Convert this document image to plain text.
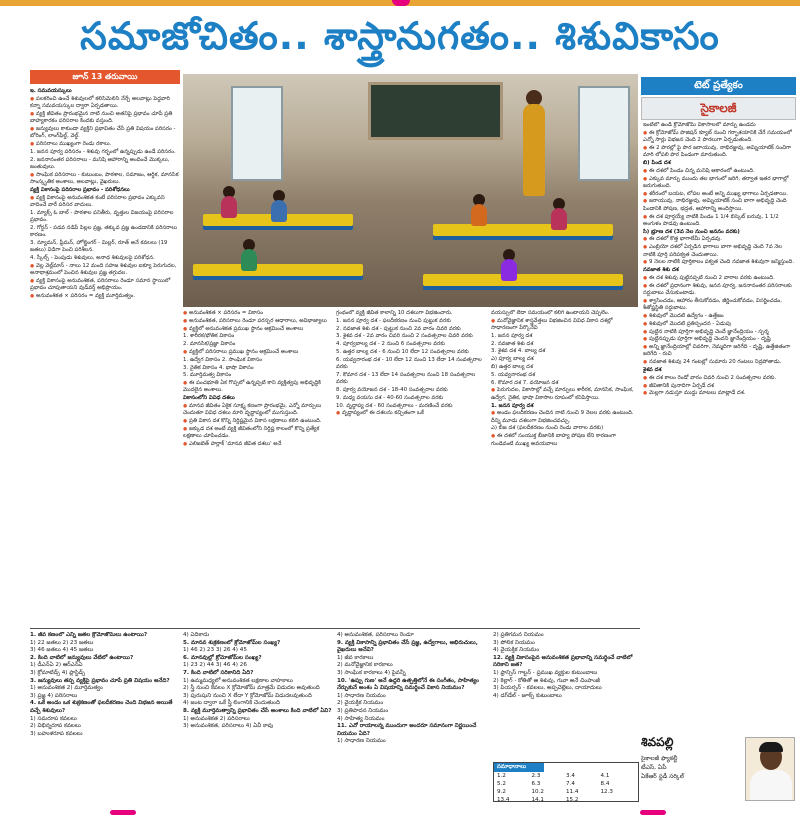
సమాజోచితం.. శాస్త్రానుగతం.. శిశువికాసం
జూన్ 13 తరువాయి

ఇ. సమవయస్కులు

● పలకరించి ఉంచే శిశువులలో కలిసిమెలిసి నేర్చే అలవాట్లు పెద్దవారి కన్నా సమవయస్కుల ద్వారా ఏర్పడతాయి.

● వ్యక్తి జీవితం ప్రారంభమైన నాటి నుంచి అతనిపై ప్రభావం చూపే ప్రతి బాహ్యకారకం పరిసరాల కిందకు వస్తుంది.

● జన్యువులు కాకుండా వ్యక్తిని ప్రభావితం చేసే ప్రతి విషయం పరిసరం - బోరింగ్, లాంగ్‌ఫీల్డ్, వెల్డ్.

● పరిసరాలు ముఖ్యంగా రెండు రకాలు.

1. జనన పూర్వ పరిసరం - శిశువు గర్భంలో ఉన్నప్పుడు ఉండే పరిసరం.

2. జననానంతర పరిసరాలు - మనిషి ఆహారాన్ని అందించే మొక్కలు, జంతువులు.

● సాంఘిక పరిసరాలు - కుటుంబం, పాఠశాల, సమాజం, ఆర్థిక, మానసిక సాంస్కృతిక అంశాలు, అలవాట్లు, వైఖరులు.

వ్యక్తి వికాసంపై పరిసరాల ప్రభావం - పరిశోధనలు

● వ్యక్తి వికాసంపై అనువంశికత కంటే పరిసరాల ప్రభావం ఎక్కువని వాదించే వారే పరిసర వాదులు.

1. మ్యాక్స్ ఓ బాల్ - పాఠశాల పనితీరు, వృత్తుల విజయంపై పరిసరాల ప్రభావం.

2. గోర్డన్ - పడవ నడిపే పిల్లల ప్రజ్ఞ, తక్కువ ప్రజ్ఞ ఉండడానికి పరిసరాలు కారణం.

3. న్యూమన్, ఫ్రీమన్, హోల్జింగర్ - మిల్లర్, రూత్ అనే కవలలు (19 జతలు) విడిగా పెంచి పరిశీలన.

4. స్కీల్స్ - పెంపుడు శిశువులు, అనాథ శిశువులపై పరిశోధన.

● వెల్ల వెల్ల్‌మాన్ - నాలు 12 మంది సహజ శిశువుల ఐక్యూ పెరుగుదల, అనాథాశ్రమంలో పెంచిన శిశువుల ప్రజ్ఞ తగ్గుదల.

● వ్యక్తి వికాసంపై అనువంశికత, పరిసరాలు రెండూ సమాన స్థాయిలో ప్రభావం చూపుతాయని వుడ్‌వర్త్ అభిప్రాయం.

● అనువంశికత × పరిసరం = వ్యక్తి మూర్తిమత్వం.

టెట్ ప్రత్యేకం
సైకాలజీ

ఇంటిలో ఉండి క్రోమోజోమ్ వికాసాలలో మార్పు ఉండదు

● ఈ క్రోమోజోమ్ పొజిషన్ క్యూబ్ నుంచి గర్భాశయానికి చేరే సమయంలో ఎన్నో సార్లు విభజన చెంది 2 పొరలుగా ఏర్పడుతుంది.

● ఈ 2 పొరల్లో పై పొర జరాయువు, నాభిరజ్జువు, అమ్నియాటిక్ సంచిగా మారి లోపలి పొర పిండంగా మారుతుంది.

బి) పిండ దశ

● ఈ దశలో పిండం చిన్న మనిషి ఆకారంలో ఉంటుంది.

● ఎక్కువ మార్పు ముందు తల భాగంలో జరిగి, తర్వాత ఇతర భాగాల్లో జరుగుతుంది.

● శరీరంలో బయట, లోపల అంటే అన్ని ముఖ్య భాగాలు ఏర్పడతాయి.

● జరాయువు, నాభిరజ్జువు, అమ్నియాటిక్ సంచి బాగా అభివృద్ధి చెంది పిండానికి పోషణ, భద్రత, ఆహారాన్ని అందిస్తాయి.

● ఈ దశ పూర్తయ్యే నాటికి పిండం 1 1/4 బిస్కెట్ బరువు, 1 1/2 అంగుళం పొడవు ఉంటుంది.

సి) భ్రూణ దశ (3వ నెల నుంచి జననం వరకు)

● ఈ దశలో కొత్త భాగాలేమీ ఏర్పడవు.

● ఎంబ్రియో దశలో ఏర్పడిన భాగాలు బాగా అభివృద్ధి చెంది 7వ నెల నాటికి పూర్తి పరిపక్వత చెందుతాయి.

● 9 నెలల నాటికి పూర్తికాలం పక్వత చెంది నవజాత శిశువుగా జన్మిస్తుంది.

నవజాత శిశు దశ

● ఈ దశ శిశువు పుట్టినప్పటి నుంచి 2 వారాల వరకు ఉంటుంది.

● ఈ దశలో ప్రధానంగా శిశువు, జనన పూర్వ, జననానంతర పరిసరాలకు సర్దుబాటు చేసుకుంటాడు.

● శ్వాసించడం, ఆహారం తీసుకోవడం, జీర్ణించుకోవడం, విసర్జించడం, శీతోష్ణస్థితి సర్దుబాటు.

● శిశువులో మొదటి ఉద్వేగం - ఉత్తేజం

● శిశువులో మొదటి ప్రతిస్పందన - ఏడుపు

● పుట్టిన నాటికి పూర్తిగా అభివృద్ధి చెందే జ్ఞానేంద్రియం - స్పర్శ

● పుట్టినప్పుడు పూర్తిగా అభివృద్ధి చెందని జ్ఞానేంద్రియం - దృష్టి

● అన్ని జ్ఞానేంద్రియాల్లో చివరిగా, నెమ్మదిగా జరిగేది - దృష్టి, ఉత్తేజితంగా జరిగేది - రుచి

● నవజాత శిశువు 24 గంటల్లో సుమారు 20 గంటలు నిద్రపోతాడు.

శైశవ దశ

● ఈ దశ కాలం రెండో వారం చివరి నుంచి 2 సంవత్సరాల వరకు.

● జీవితానికి పునాదిగా ఏర్పడే దశ

● మెల్లగా నడుస్తూ ముద్దు మాటలు మాట్లాడే దశ.

● అనువంశికత × పరిసరం = వికాసం

● అనువంశికత, పరిసరాలు రెండూ పరస్పర ఆధారాలు, అవిభాజ్యాలు

● వ్యక్తిలో అనువంశికత ప్రముఖ స్థానం ఆక్రమించే అంశాలు

1. శారీరక/భౌతిక వికాసం

2. మానసిక/ప్రజ్ఞా వికాసం

● వ్యక్తిలో పరిసరాలు ప్రముఖ స్థానం ఆక్రమించే అంశాలు

1. ఉద్వేగ వికాసం 2. సాంఘిక వికాసం

3. నైతిక వికాసం 4. భాషా వికాసం

5. మూర్తిమత్వ వికాసం

● ఈ పంచభూతి ఏక గొప్పలో ఉన్నప్పటి కాని వ్యక్తిత్వపు అభివృద్ధికి మొదలైన అంశాలు.

వికాసంలోని వివిధ దశలు

● మానవ జీవితం ఏకైక సూక్ష్మ కణంగా ప్రారంభమై, ఎన్నో మార్పులు చెందుతూ వివిధ దశలు మారి వృద్ధాప్యంలో ముగుస్తుంది.

● ప్రతి వికాస దశ కొన్ని నిర్దిష్టమైన వికాస లక్షణాలు కలిగి ఉంటుంది.

● జక్కుడ దశ అంటే వ్యక్తి జీవితంలోని నిర్దిష్ట కాలంలో కొన్ని ప్రత్యేక లక్షణాలు చూపించడం.

● ఎలిజబెత్ హర్లాక్ 'మానవ జీవిత దశలు' అనే

గ్రంథంలో వ్యక్తి జీవిత కాలాన్ని 10 దశలుగా విభజించారు.

1. జనన పూర్వ దశ - ఫలదీకరణం నుంచి పుట్టుక వరకు

2. నవజాత శిశు దశ - పుట్టుక నుంచి 2వ వారం చివరి వరకు

3. శైశవ దశ - 2వ వారం చివరి నుంచి 2 సంవత్సరాల చివరి వరకు

4. పూర్వబాల్య దశ - 2 నుంచి 6 సంవత్సరాల వరకు

5. ఉత్తర బాల్య దశ - 6 నుంచి 10 లేదా 12 సంవత్సరాల వరకు

6. యవ్వనారంభ దశ - 10 లేదా 12 నుంచి 13 లేదా 14 సంవత్సరాల వరకు

7. కౌమార దశ - 13 లేదా 14 సంవత్సరాల నుంచి 18 సంవత్సరాల వరకు

8. పూర్వ వయోజన దశ - 18-40 సంవత్సరాల వరకు

9. మధ్య వయసు దశ - 40-60 సంవత్సరాల వరకు

10. వృద్ధాప్య దశ - 60 సంవత్సరాలు - మరణించే వరకు

● వృద్ధాప్యంలో ఈ దశలను కచ్చితంగా ఒకే

వయస్సులో లేదా సమయంలో కలిగి ఉంటాయని చెప్పలేం.

● మనోవైజ్ఞానిక శాస్త్రవేత్తలు విభజించిన వివిధ వికాస దశల్లో సాధారణంగా పేర్కొనేవి

1. జనన పూర్వ దశ

2. నవజాత శిశు దశ

3. శైశవ దశ 4. బాల్య దశ

ఎ) పూర్వ బాల్య దశ

బి) ఉత్తర బాల్య దశ

5. యవ్వనారంభ దశ

6. కౌమార దశ 7. వయోజన దశ

● పెరుగుదల, వికాసాల్లో వచ్చే మార్పులు శారీరక, మానసిక, సాంఘిక, ఉద్వేగ, నైతిక, భాషా వికాసాల రూపంలో కనిపిస్తాయి.

1. జనన పూర్వ దశ

● అండం ఫలదీకరణం చెందిన నాటి నుంచి 9 నెలల వరకు ఉంటుంది. దీన్ని మూడు దశలుగా విభజించవచ్చు.

ఎ) బీజ దశ (ఫలదీకరణం నుంచి రెండు వారాల వరకు)

● ఈ దశలో సంయుక్త బీజానికి బాహ్య పోషణ లేని కారణంగా గుండెవంటి ముఖ్య అవయవాలు

1. జీవ కణంలో ఎన్ని జతల క్రోమోజోమ్‌లు ఉంటాయి?

1) 22 జతలు 2) 23 జతలు

3) 46 జతలు 4) 45 జతలు

2. కింది వాటిలో జన్యువులు వేటిలో ఉంటాయి?

1) డీఎన్ఏ 2) ఆర్ఎన్ఏ

3) క్రోమాటిడ్స్ 4) ప్లాస్టిడ్స్

3. జన్యువులు తప్ప వ్యక్తిపై ప్రభావం చూపే ప్రతి విషయం అనేది?

1) అనువంశికత 2) మూర్తిమత్వం

3) ప్రజ్ఞ 4) పరిసరాలు

4. ఒకే అండం ఒక శుక్రకణంతో ఫలదీకరణం చెంది విభజన అయితే వచ్చే శిశువులు?

1) సమరూప కవలలు

2) విభిన్నరూప కవలలు

3) బహుళరూప కవలలు

4) ఏదీకాదు

5. మానవ శుక్రకణంలో క్రోమోజోమ్‌ల సంఖ్య?

1) 46 2) 23 3) 26 4) 45

6. మానవుల్లో క్రోమోజోమ్‌ల సంఖ్య?

1) 23 2) 44 3) 46 4) 26

7. కింది వాటిలో సరికానిది ఏది?

1) ఉమ్మమధ్యలో అనువంశికత లక్షణాల వాహకాలు

2) స్త్రీ నుంచి కేవలం X క్రోమోజోమ్ మాత్రమే విడుదల అవుతుంది

3) పురుషుని నుంచి X లేదా Y క్రోమోజోమ్ విడుదలవుతుంది

4) జంట ద్వారా ఒకే స్త్రీ లింగానికి చెందుతుంది

8. వ్యక్తి మూర్తిమత్వాన్ని ప్రభావితం చేసే అంశాలు కింది వాటిలో ఏవి?

1) అనువంశికత 2) పరిసరాలు

3) అనువంశికత, పరిసరాలు 4) ఏవీ కావు

4) అనువంశికత, పరిసరాలు రెండూ

9. వ్యక్తి వికాసాన్ని ప్రభావితం చేసే ప్రజ్ఞ, ఉద్వేగాలు, అభిరుచులు, వైఖరులు అనేవి?

1) జీవ కారకాలు

2) మనోవైజ్ఞానిక కారకాలు

3) సాంఘిక కారకాలు 4) పైవన్నీ

10. 'ఉప్పు గుణ' అనే ఉద్దరి ఉత్పత్తిలోనే ఈ సంగీతం, సాహిత్యం నేర్చుకునే అంశం ఏ విషయాన్ని సమర్థించే వికాస నియమం?

1) సాధారణ నియమం

2) వైయక్తిక నియమం

3) ప్రతిపాదన నియమం

4) సాహిత్య నియమం

11. ఎనో రాయాలన్న ముందుగా అందరూ సమానంగా నిర్ణయించే నియమం ఏది?

1) సాధారణ నియమం

2) ప్రతిగమన నియమం

3) పోలిక నియమం

4) వైయక్తిక నియమం

12. వ్యక్తి వికాసంపైన అనువంశికత ప్రభావాన్ని సమర్థించే వాటిలో సరికాని జత?

1) ఫ్రాన్సిస్ గాల్టన్ - ప్రముఖ వ్యక్తుల కుటుంబాలు

2) కెల్లాగ్ - కోతితో ఆ శిశువు, గువా అనే చింపాంజీ

3) పియర్సన్ - కవలలు, అప్పచెల్లెలు, దాయాదులు

4) డగ్‌డేల్ - జూక్స్ కుటుంబాలు

సమాధానాలు
1.2	2.3	3.4	4.1
5.2	6.3	7.4	8.4
9.2	10.2	11.4	12.3
13.4	14.1	15.2
శివపల్లి
సైకాలజీ ఫ్యాకల్టీ
టీఎస్, ఏపీ
ఏకేఆర్ స్టడీ సర్కిల్
